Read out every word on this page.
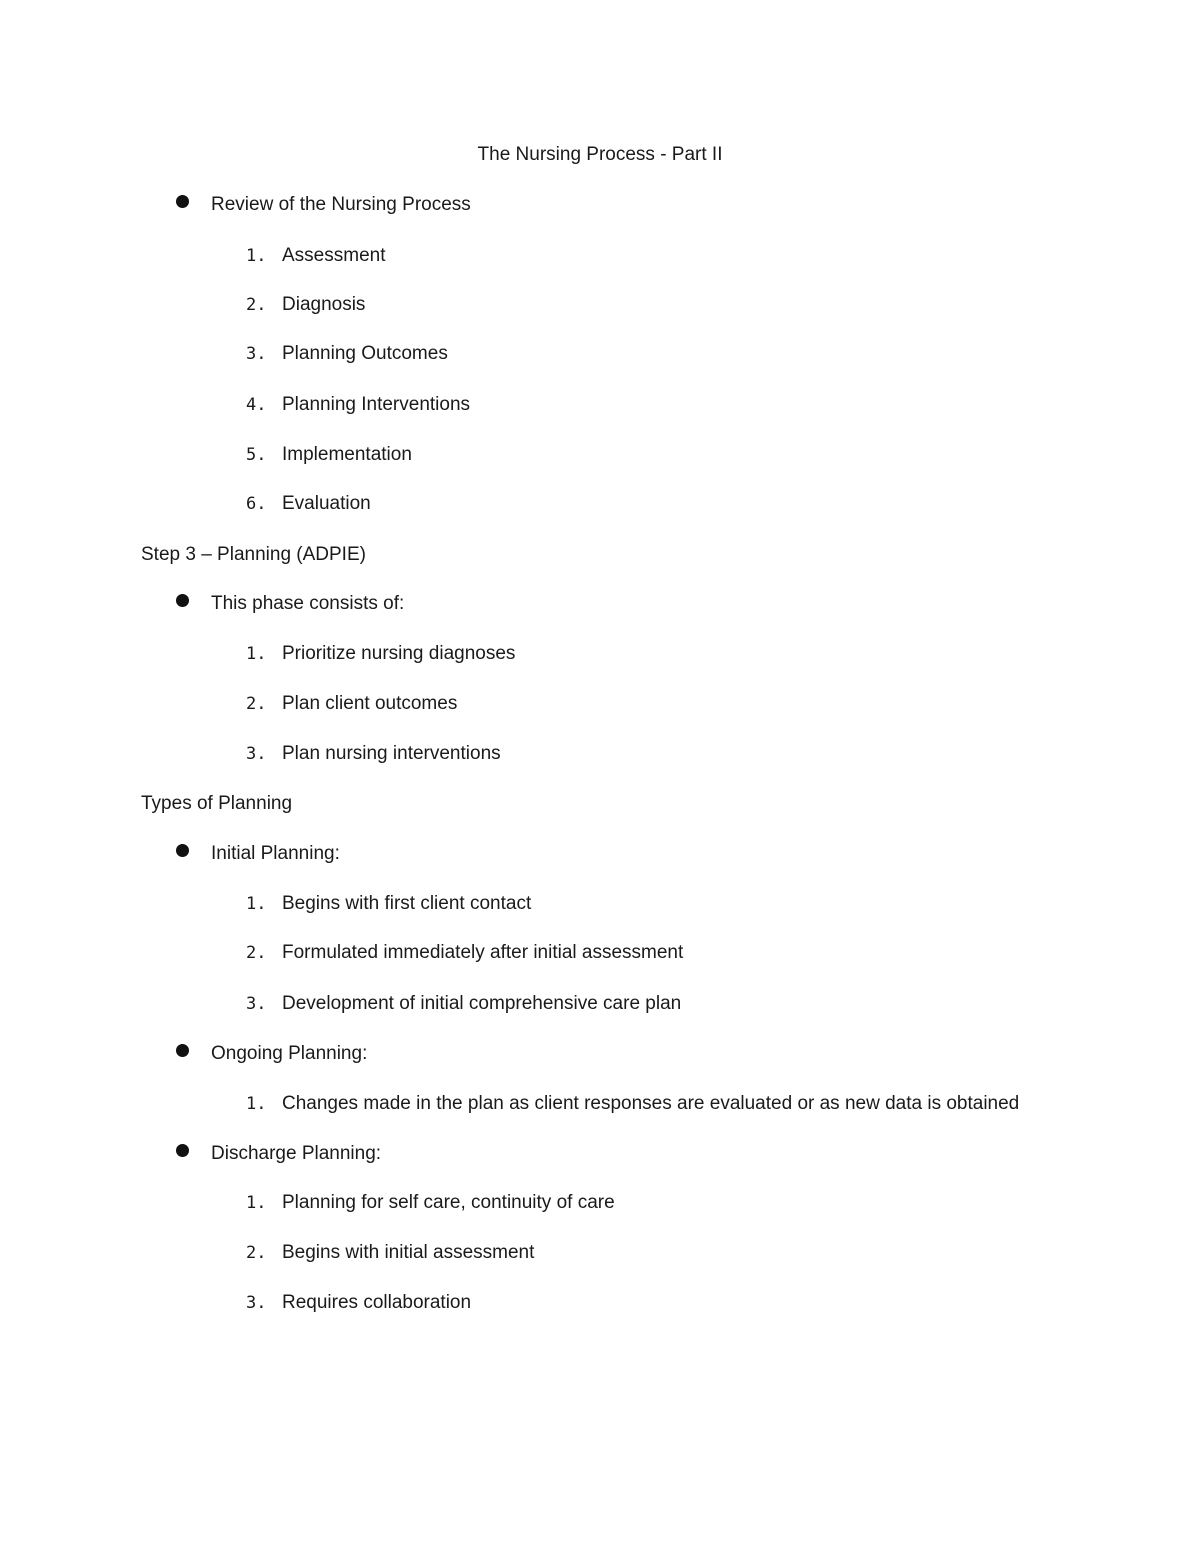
The Nursing Process - Part II
Review of the Nursing Process
1. Assessment
2. Diagnosis
3. Planning Outcomes
4. Planning Interventions
5. Implementation
6. Evaluation
Step 3 – Planning (ADPIE)
This phase consists of:
1. Prioritize nursing diagnoses
2. Plan client outcomes
3. Plan nursing interventions
Types of Planning
Initial Planning:
1. Begins with first client contact
2. Formulated immediately after initial assessment
3. Development of initial comprehensive care plan
Ongoing Planning:
1. Changes made in the plan as client responses are evaluated or as new data is obtained
Discharge Planning:
1. Planning for self care, continuity of care
2. Begins with initial assessment
3. Requires collaboration
